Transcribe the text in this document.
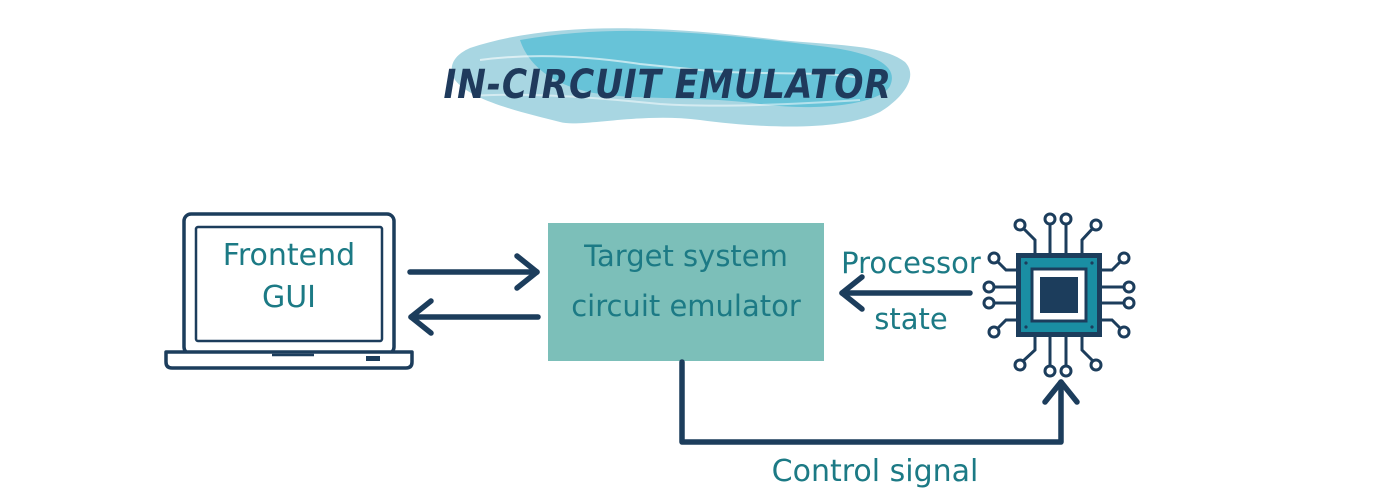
IN-CIRCUIT EMULATOR
Frontend
GUI
Target system
circuit emulator
Processor
state
Control signal
